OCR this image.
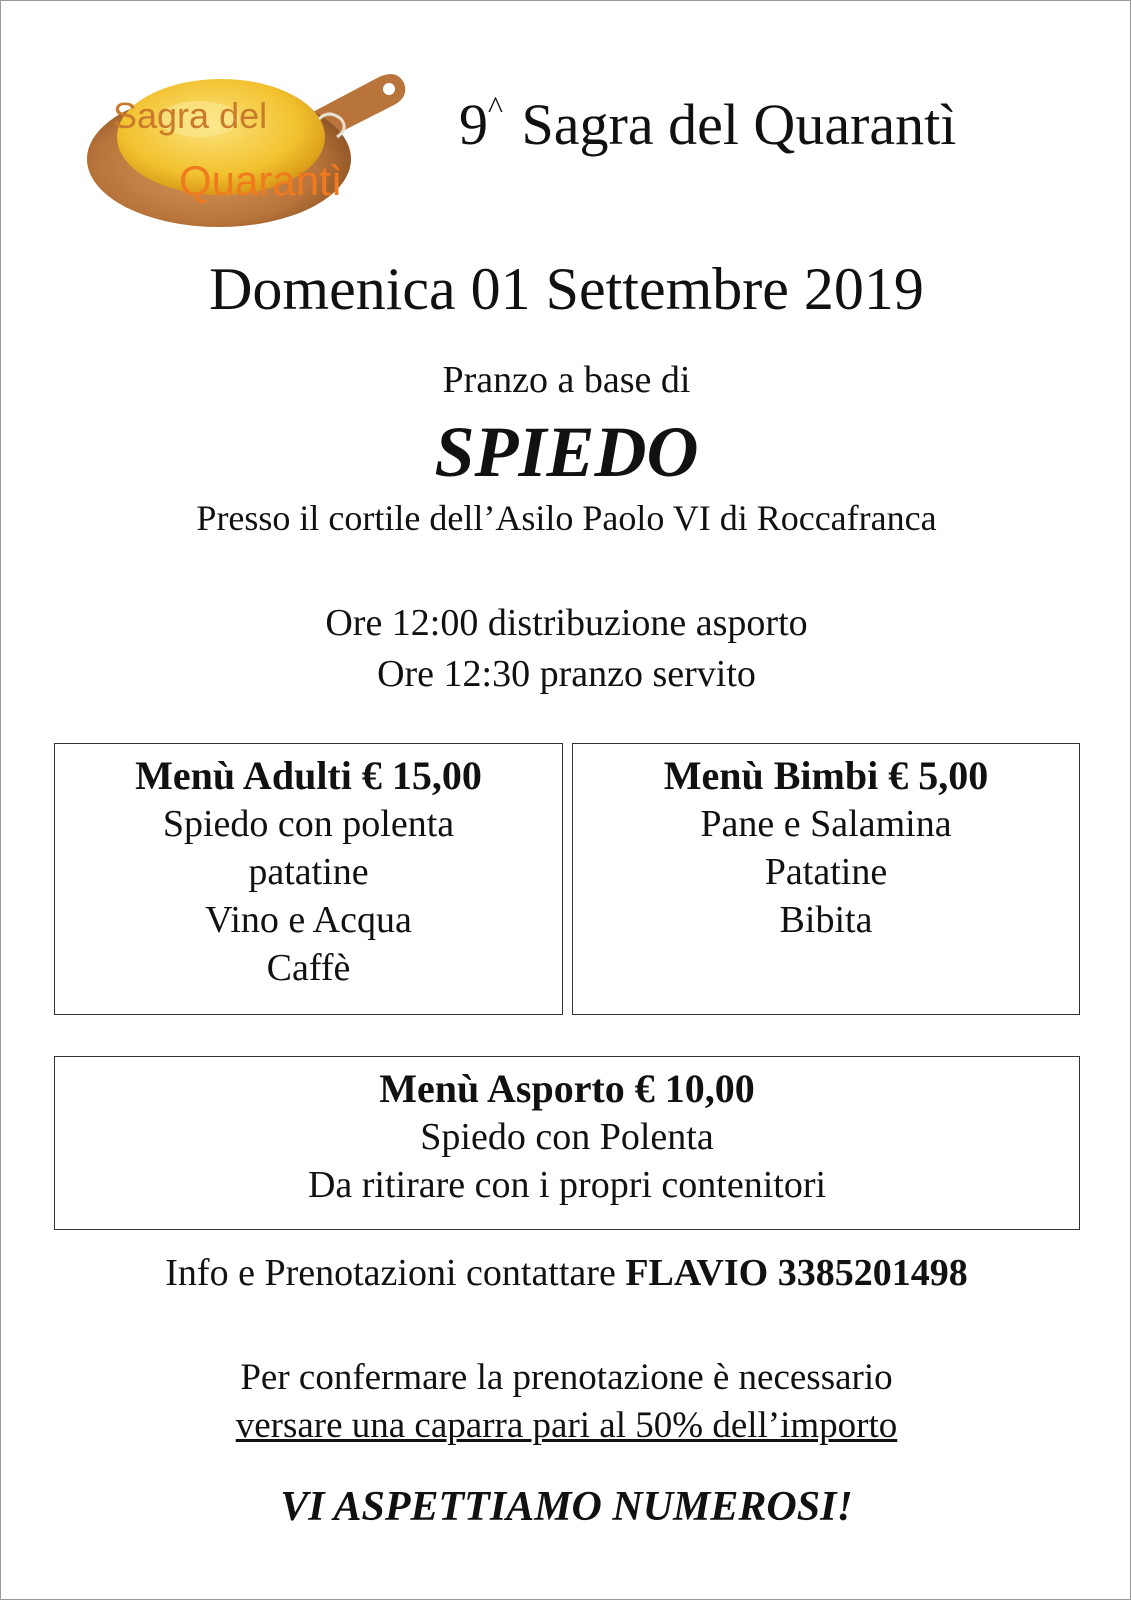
Sagra del
Quarantì
9^ Sagra del Quarantì
Domenica 01 Settembre 2019
Pranzo a base di
SPIEDO
Presso il cortile dell’Asilo Paolo VI di Roccafranca
Ore 12:00 distribuzione asporto
Ore 12:30 pranzo servito
Menù Adulti € 15,00
Spiedo con polenta
patatine
Vino e Acqua
Caffè
Menù Bimbi € 5,00
Pane e Salamina
Patatine
Bibita
Menù Asporto € 10,00
Spiedo con Polenta
Da ritirare con i propri contenitori
Info e Prenotazioni contattare FLAVIO 3385201498
Per confermare la prenotazione è necessario
versare una caparra pari al 50% dell’importo
VI ASPETTIAMO NUMEROSI!
